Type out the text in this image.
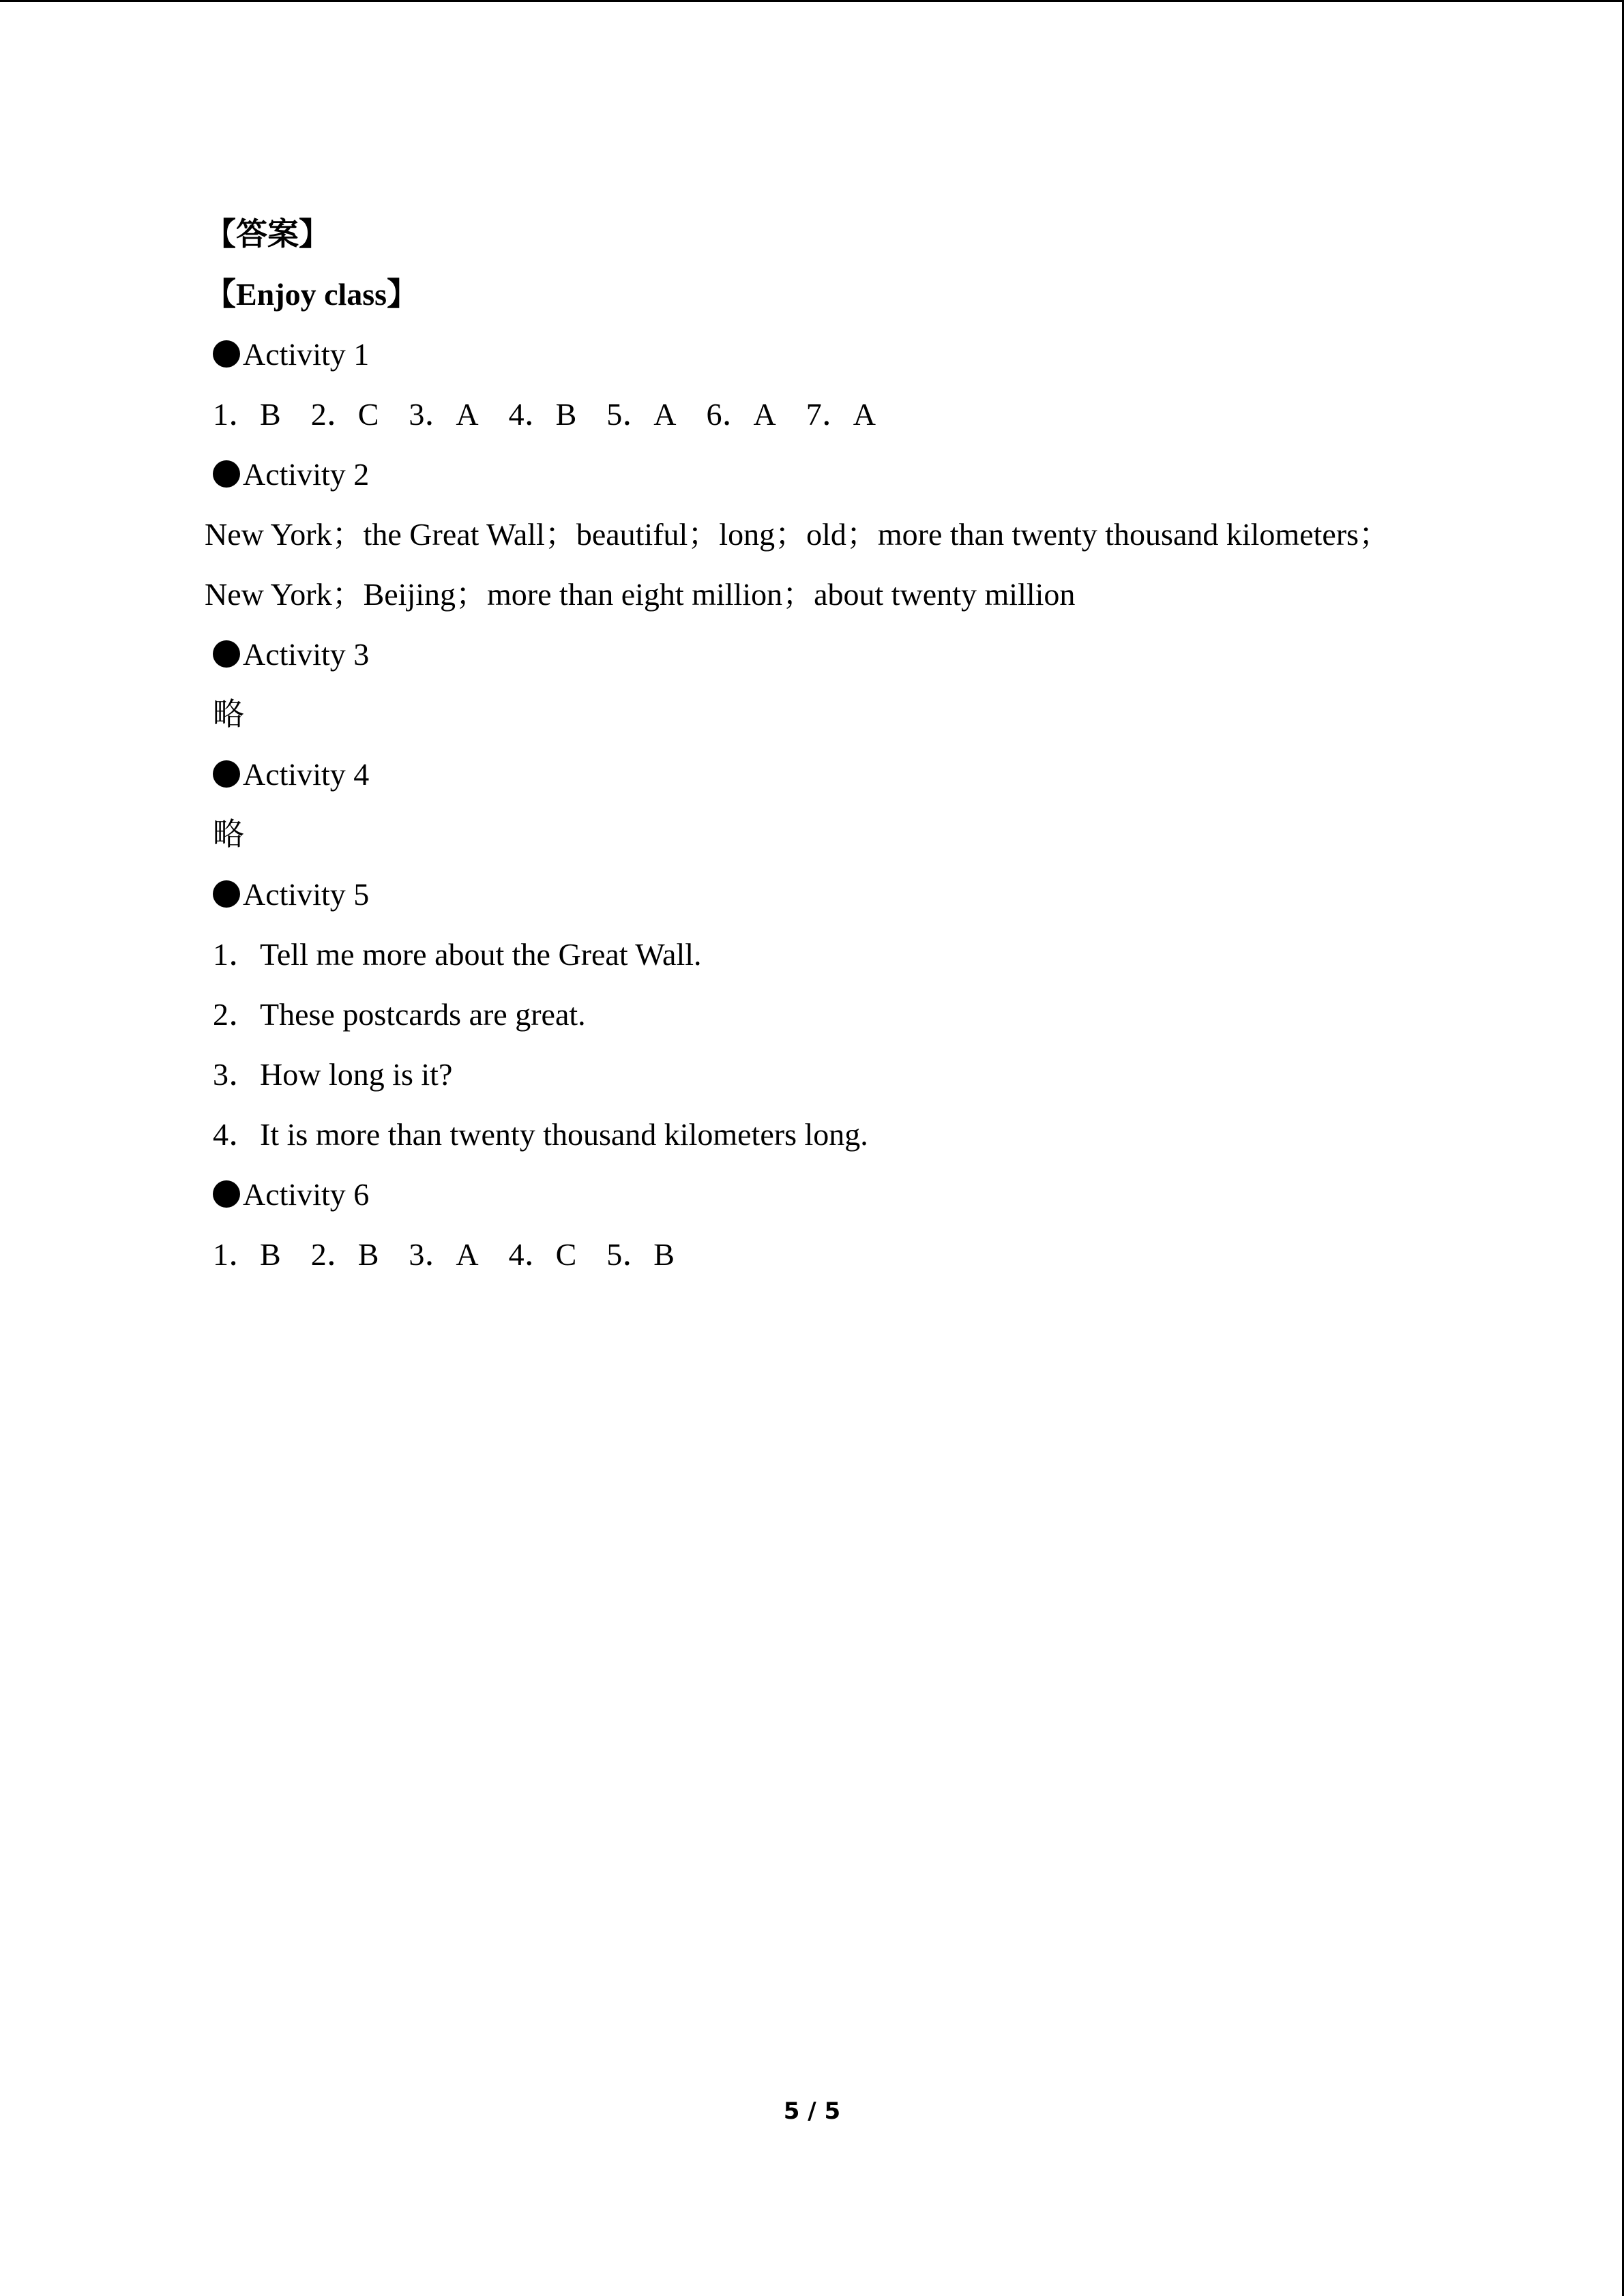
【答案】
【Enjoy class】
Activity 1
1．B 2．C 3．A 4．B 5．A 6．A 7．A
Activity 2
New York；the Great Wall；beautiful；long；old；more than twenty thousand kilometers；
New York；Beijing；more than eight million；about twenty million
Activity 3
略
Activity 4
略
Activity 5
1．Tell me more about the Great Wall.
2．These postcards are great.
3．How long is it?
4．It is more than twenty thousand kilometers long.
Activity 6
1．B 2．B 3．A 4．C 5．B
5 / 5
